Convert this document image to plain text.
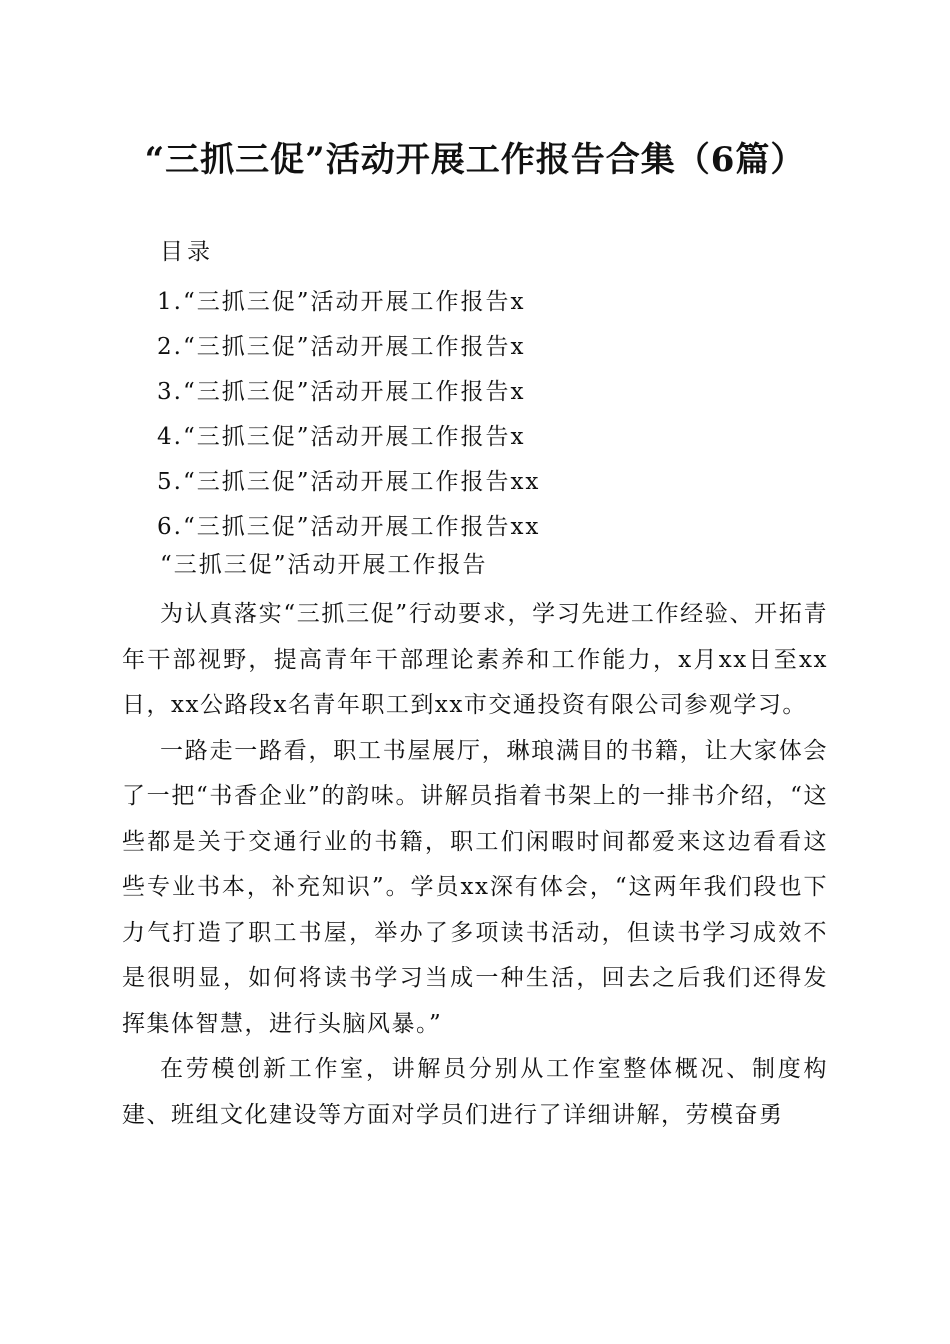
“三抓三促”活动开展工作报告合集（6篇）
目录
1.“三抓三促”活动开展工作报告x
2.“三抓三促”活动开展工作报告x
3.“三抓三促”活动开展工作报告x
4.“三抓三促”活动开展工作报告x
5.“三抓三促”活动开展工作报告xx
6.“三抓三促”活动开展工作报告xx
“三抓三促”活动开展工作报告

为认真落实“三抓三促”行动要求，学习先进工作经验、开拓青年干部视野，提高青年干部理论素养和工作能力，x月xx日至xx日，xx公路段x名青年职工到xx市交通投资有限公司参观学习。

一路走一路看，职工书屋展厅，琳琅满目的书籍，让大家体会了一把“书香企业”的韵味。讲解员指着书架上的一排书介绍，“这些都是关于交通行业的书籍，职工们闲暇时间都爱来这边看看这些专业书本，补充知识”。学员xx深有体会，“这两年我们段也下力气打造了职工书屋，举办了多项读书活动，但读书学习成效不是很明显，如何将读书学习当成一种生活，回去之后我们还得发挥集体智慧，进行头脑风暴。”

在劳模创新工作室，讲解员分别从工作室整体概况、制度构建、班组文化建设等方面对学员们进行了详细讲解，劳模奋勇
